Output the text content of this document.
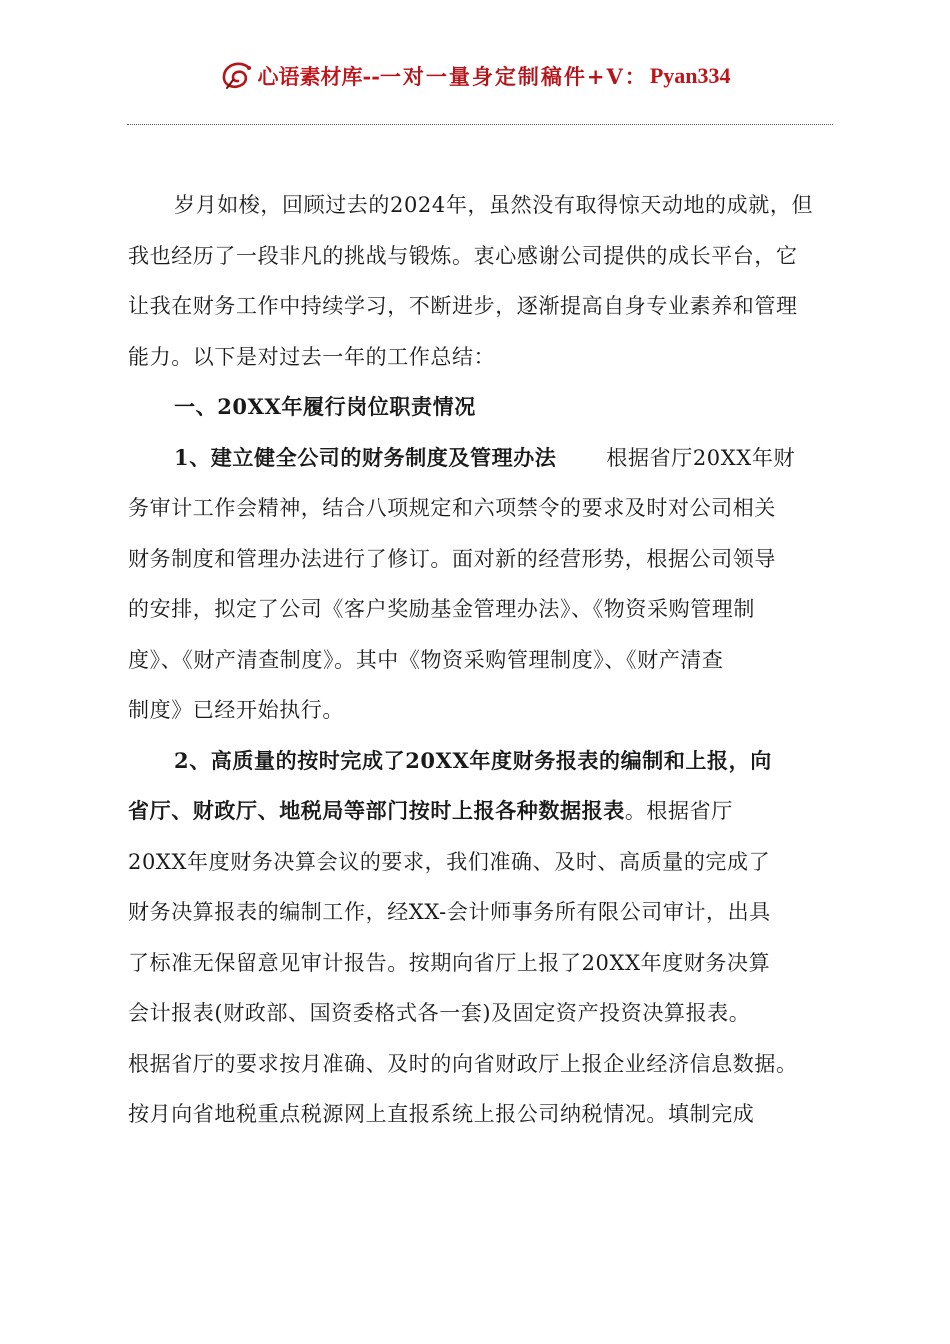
心语素材库 -- 一对一量身定制稿件+V： Pyan334
岁月如梭，回顾过去的2024年，虽然没有取得惊天动地的成就，但
我也经历了一段非凡的挑战与锻炼。衷心感谢公司提供的成长平台，它
让我在财务工作中持续学习，不断进步，逐渐提高自身专业素养和管理
能力。以下是对过去一年的工作总结：
一、20XX年履行岗位职责情况
1、建立健全公司的财务制度及管理办法 根据省厅20XX年财
务审计工作会精神，结合八项规定和六项禁令的要求及时对公司相关
财务制度和管理办法进行了修订。面对新的经营形势，根据公司领导
的安排，拟定了公司《客户奖励基金管理办法》、《物资采购管理制
度》、《财产清查制度》。其中《物资采购管理制度》、《财产清查
制度》已经开始执行。
2、高质量的按时完成了20XX年度财务报表的编制和上报，向
省厅、财政厅、地税局等部门按时上报各种数据报表。根据省厅
20XX年度财务决算会议的要求，我们准确、及时、高质量的完成了
财务决算报表的编制工作，经XX-会计师事务所有限公司审计，出具
了标准无保留意见审计报告。按期向省厅上报了20XX年度财务决算
会计报表(财政部、国资委格式各一套)及固定资产投资决算报表。
根据省厅的要求按月准确、及时的向省财政厅上报企业经济信息数据。
按月向省地税重点税源网上直报系统上报公司纳税情况。填制完成
